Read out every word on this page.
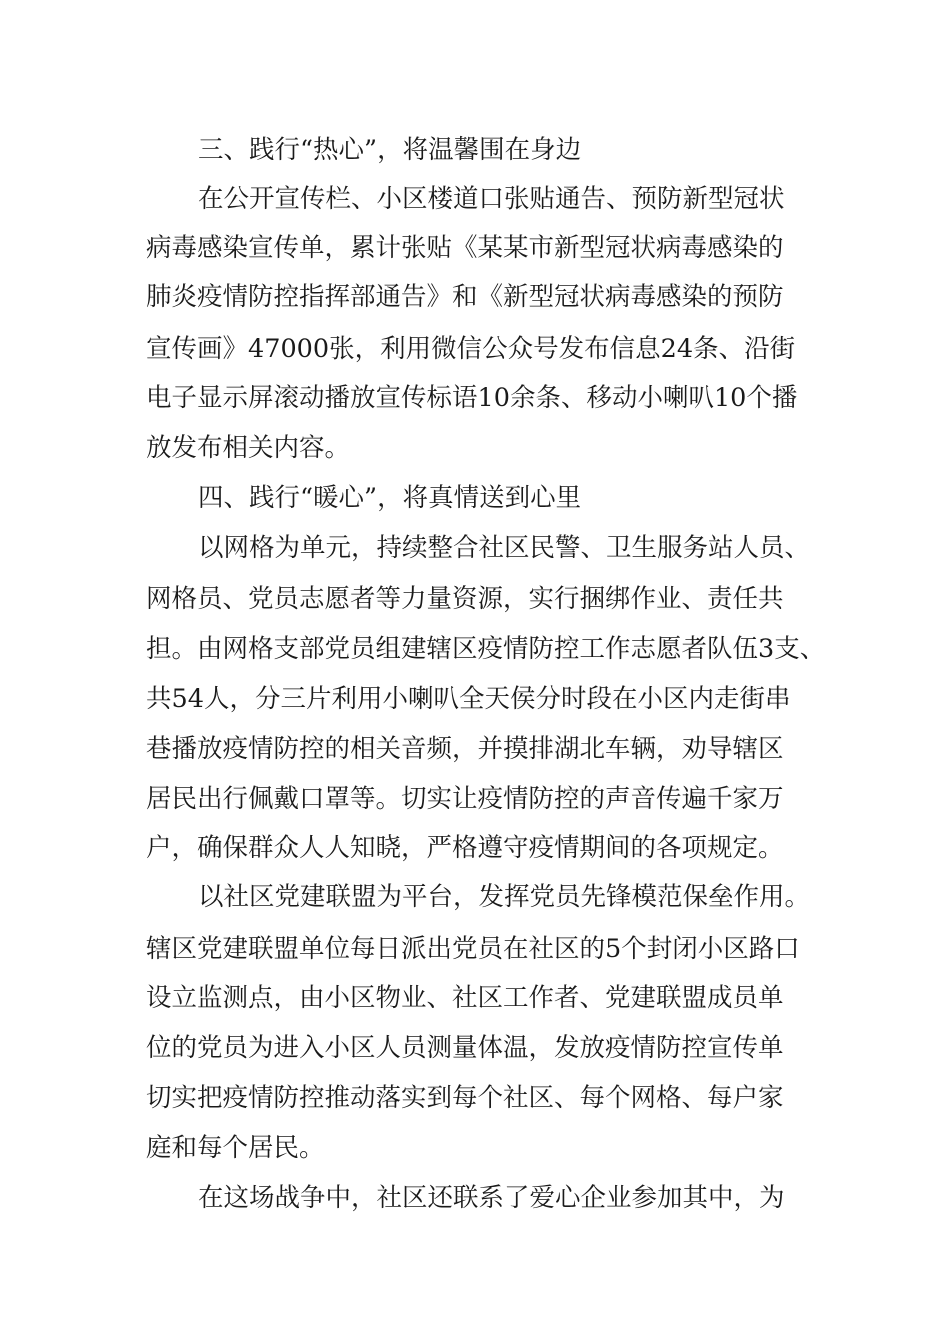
三、践行“热心”，将温馨围在身边
在公开宣传栏、小区楼道口张贴通告、预防新型冠状
病毒感染宣传单，累计张贴《某某市新型冠状病毒感染的
肺炎疫情防控指挥部通告》和《新型冠状病毒感染的预防
宣传画》47000张，利用微信公众号发布信息24条、沿街
电子显示屏滚动播放宣传标语10余条、移动小喇叭10个播
放发布相关内容。
四、践行“暖心”，将真情送到心里
以网格为单元，持续整合社区民警、卫生服务站人员、
网格员、党员志愿者等力量资源，实行捆绑作业、责任共
担。由网格支部党员组建辖区疫情防控工作志愿者队伍3支、
共54人，分三片利用小喇叭全天侯分时段在小区内走街串
巷播放疫情防控的相关音频，并摸排湖北车辆，劝导辖区
居民出行佩戴口罩等。切实让疫情防控的声音传遍千家万
户，确保群众人人知晓，严格遵守疫情期间的各项规定。
以社区党建联盟为平台，发挥党员先锋模范保垒作用。
辖区党建联盟单位每日派出党员在社区的5个封闭小区路口
设立监测点，由小区物业、社区工作者、党建联盟成员单
位的党员为进入小区人员测量体温，发放疫情防控宣传单
切实把疫情防控推动落实到每个社区、每个网格、每户家
庭和每个居民。
在这场战争中，社区还联系了爱心企业参加其中，为
